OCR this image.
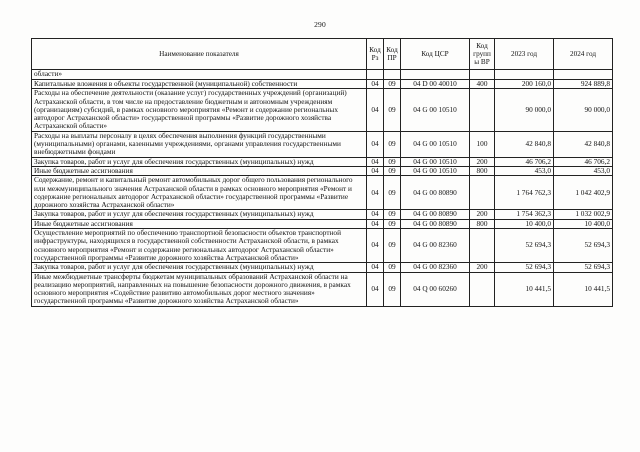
290
Наименование показателя	Код Рз	Код ПР	Код ЦСР	Код группы ВР	2023 год	2024 год
области»						
Капитальные вложения в объекты государственной (муниципальной) собственности	04	09	04 D 00 40010	400	200 160,0	924 889,8
Расходы на обеспечение деятельности (оказание услуг) государственных учреждений (организаций) Астраханской области, в том числе на предоставление бюджетным и автономным учреждениям (организациям) субсидий, в рамках основного мероприятия «Ремонт и содержание региональных автодорог Астраханской области» государственной программы «Развитие дорожного хозяйства Астраханской области»	04	09	04 G 00 10510		90 000,0	90 000,0
Расходы на выплаты персоналу в целях обеспечения выполнения функций государственными (муниципальными) органами, казенными учреждениями, органами управления государственными внебюджетными фондами	04	09	04 G 00 10510	100	42 840,8	42 840,8
Закупка товаров, работ и услуг для обеспечения государственных (муниципальных) нужд	04	09	04 G 00 10510	200	46 706,2	46 706,2
Иные бюджетные ассигнования	04	09	04 G 00 10510	800	453,0	453,0
Содержание, ремонт и капитальный ремонт автомобильных дорог общего пользования регионального или межмуниципального значения Астраханской области в рамках основного мероприятия «Ремонт и содержание региональных автодорог Астраханской области» государственной программы «Развитие дорожного хозяйства Астраханской области»	04	09	04 G 00 80890		1 764 762,3	1 042 402,9
Закупка товаров, работ и услуг для обеспечения государственных (муниципальных) нужд	04	09	04 G 00 80890	200	1 754 362,3	1 032 002,9
Иные бюджетные ассигнования	04	09	04 G 00 80890	800	10 400,0	10 400,0
Осуществление мероприятий по обеспечению транспортной безопасности объектов транспортной инфраструктуры, находящихся в государственной собственности Астраханской области, в рамках основного мероприятия «Ремонт и содержание региональных автодорог Астраханской области» государственной программы «Развитие дорожного хозяйства Астраханской области»	04	09	04 G 00 82360		52 694,3	52 694,3
Закупка товаров, работ и услуг для обеспечения государственных (муниципальных) нужд	04	09	04 G 00 82360	200	52 694,3	52 694,3
Иные межбюджетные трансферты бюджетам муниципальных образований Астраханской области на реализацию мероприятий, направленных на повышение безопасности дорожного движения, в рамках основного мероприятия «Содействие развитию автомобильных дорог местного значения» государственной программы «Развитие дорожного хозяйства Астраханской области»	04	09	04 Q 00 60260		10 441,5	10 441,5
